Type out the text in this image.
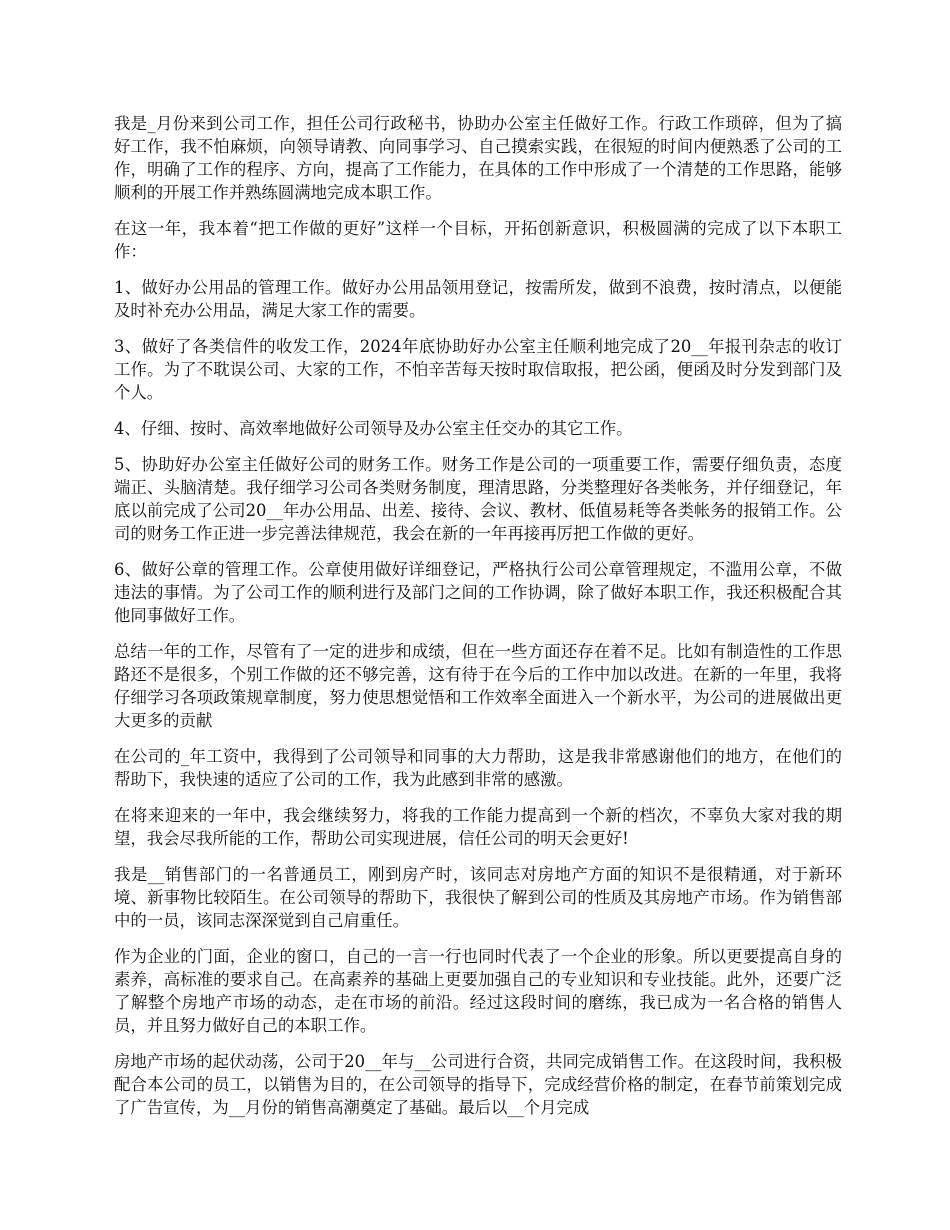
我是_月份来到公司工作，担任公司行政秘书，协助办公室主任做好工作。行政工作琐碎，但为了搞好工作，我不怕麻烦，向领导请教、向同事学习、自己摸索实践，在很短的时间内便熟悉了公司的工作，明确了工作的程序、方向，提高了工作能力，在具体的工作中形成了一个清楚的工作思路，能够顺利的开展工作并熟练圆满地完成本职工作。

在这一年，我本着“把工作做的更好”这样一个目标，开拓创新意识，积极圆满的完成了以下本职工作：

1、做好办公用品的管理工作。做好办公用品领用登记，按需所发，做到不浪费，按时清点，以便能及时补充办公用品，满足大家工作的需要。

3、做好了各类信件的收发工作，2024年底协助好办公室主任顺利地完成了20__年报刊杂志的收订工作。为了不耽误公司、大家的工作，不怕辛苦每天按时取信取报，把公函，便函及时分发到部门及个人。

4、仔细、按时、高效率地做好公司领导及办公室主任交办的其它工作。

5、协助好办公室主任做好公司的财务工作。财务工作是公司的一项重要工作，需要仔细负责，态度端正、头脑清楚。我仔细学习公司各类财务制度，理清思路，分类整理好各类帐务，并仔细登记，年底以前完成了公司20__年办公用品、出差、接待、会议、教材、低值易耗等各类帐务的报销工作。公司的财务工作正进一步完善法律规范，我会在新的一年再接再厉把工作做的更好。

6、做好公章的管理工作。公章使用做好详细登记，严格执行公司公章管理规定，不滥用公章，不做违法的事情。为了公司工作的顺利进行及部门之间的工作协调，除了做好本职工作，我还积极配合其他同事做好工作。

总结一年的工作，尽管有了一定的进步和成绩，但在一些方面还存在着不足。比如有制造性的工作思路还不是很多，个别工作做的还不够完善，这有待于在今后的工作中加以改进。在新的一年里，我将仔细学习各项政策规章制度，努力使思想觉悟和工作效率全面进入一个新水平，为公司的进展做出更大更多的贡献

在公司的_年工资中，我得到了公司领导和同事的大力帮助，这是我非常感谢他们的地方，在他们的帮助下，我快速的适应了公司的工作，我为此感到非常的感激。

在将来迎来的一年中，我会继续努力，将我的工作能力提高到一个新的档次，不辜负大家对我的期望，我会尽我所能的工作，帮助公司实现进展，信任公司的明天会更好!

我是__销售部门的一名普通员工，刚到房产时，该同志对房地产方面的知识不是很精通，对于新环境、新事物比较陌生。在公司领导的帮助下，我很快了解到公司的性质及其房地产市场。作为销售部中的一员，该同志深深觉到自己肩重任。

作为企业的门面，企业的窗口，自己的一言一行也同时代表了一个企业的形象。所以更要提高自身的素养，高标准的要求自己。在高素养的基础上更要加强自己的专业知识和专业技能。此外，还要广泛了解整个房地产市场的动态，走在市场的前沿。经过这段时间的磨练，我已成为一名合格的销售人员，并且努力做好自己的本职工作。

房地产市场的起伏动荡，公司于20__年与__公司进行合资，共同完成销售工作。在这段时间，我积极配合本公司的员工，以销售为目的，在公司领导的指导下，完成经营价格的制定，在春节前策划完成了广告宣传，为__月份的销售高潮奠定了基础。最后以__个月完成
